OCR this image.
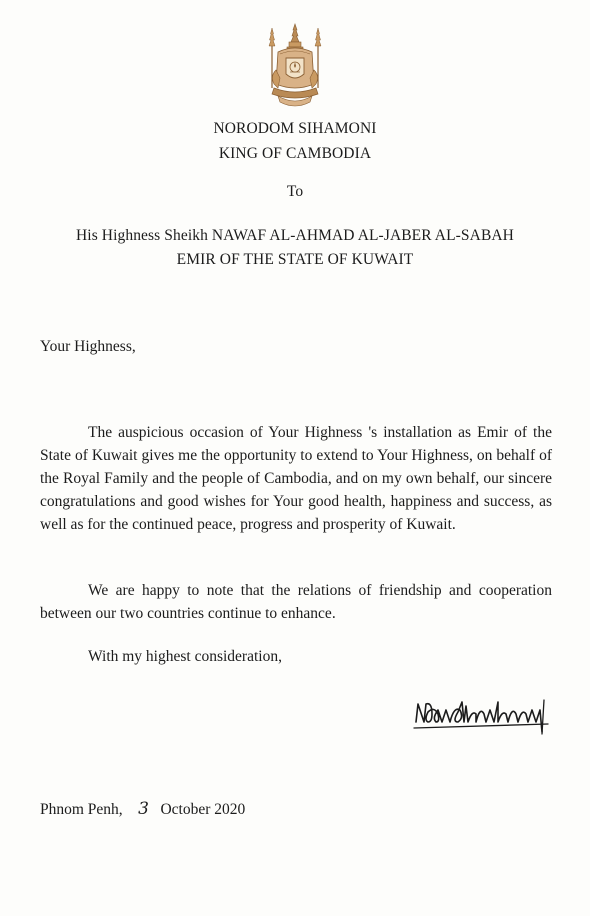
NORODOM SIHAMONI
KING OF CAMBODIA
To
His Highness Sheikh NAWAF AL-AHMAD AL-JABER AL-SABAH
EMIR OF THE STATE OF KUWAIT
Your Highness,

The auspicious occasion of Your Highness 's installation as Emir of the State of Kuwait gives me the opportunity to extend to Your Highness, on behalf of the Royal Family and the people of Cambodia, and on my own behalf, our sincere congratulations and good wishes for Your good health, happiness and success, as well as for the continued peace, progress and prosperity of Kuwait.

We are happy to note that the relations of friendship and cooperation between our two countries continue to enhance.

With my highest consideration,
Phnom Penh, 3 October 2020
